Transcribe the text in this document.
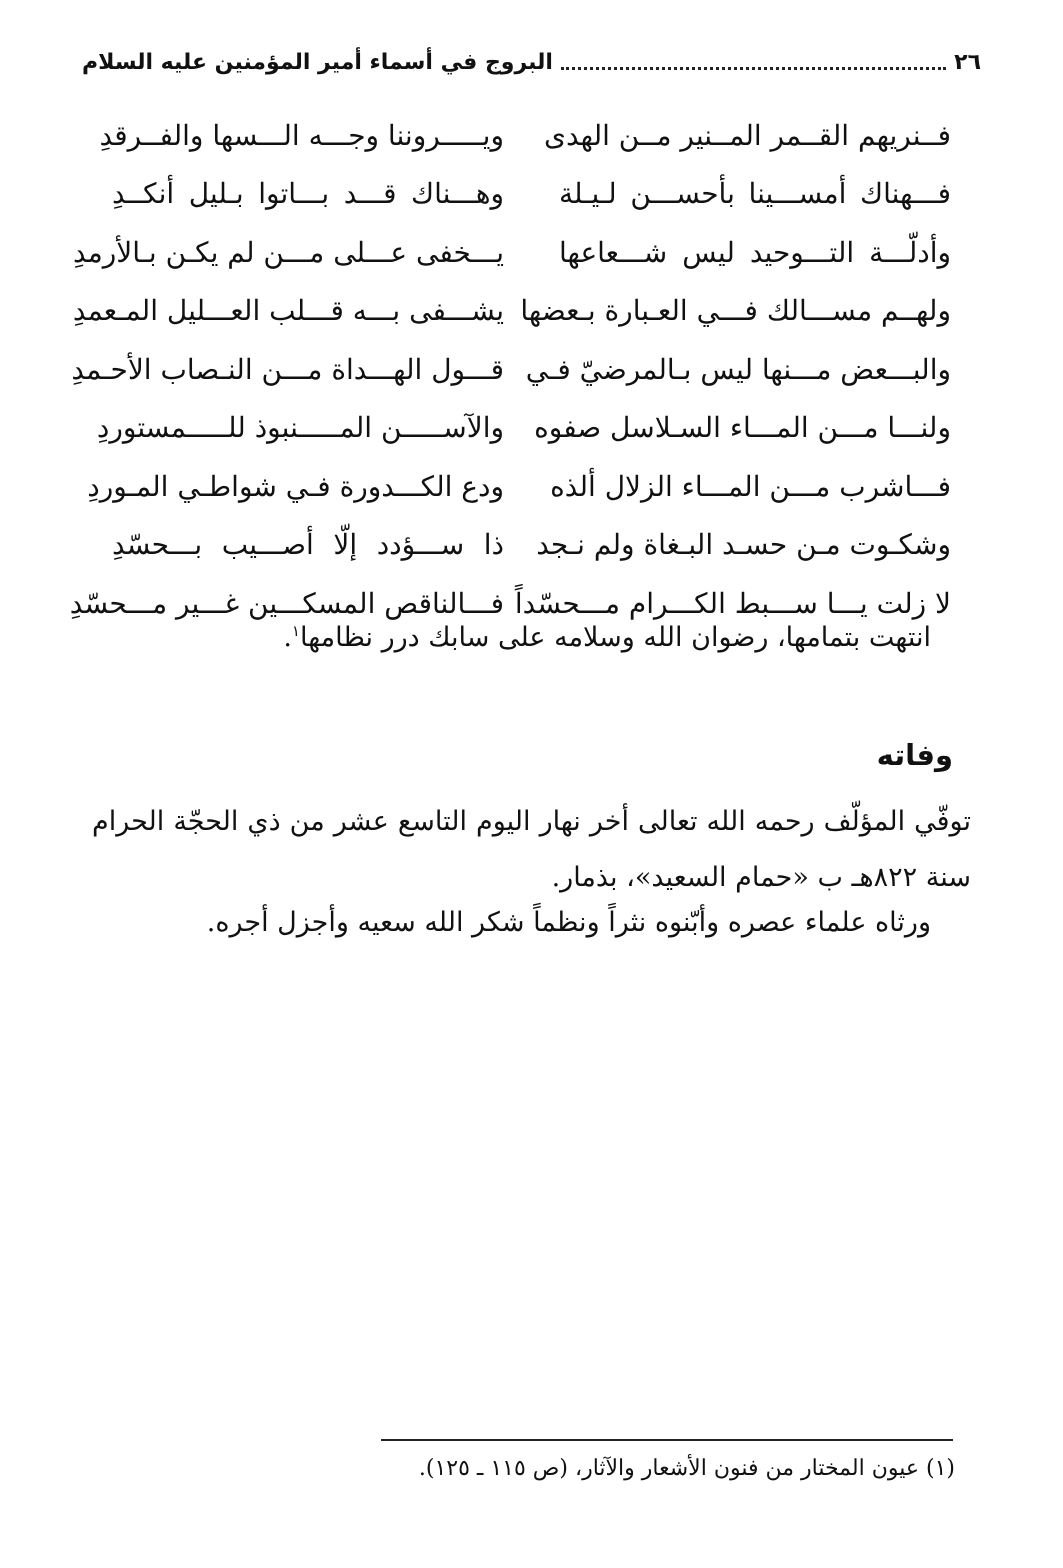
٢٦
البروج في أسماء أمير المؤمنين عليه السلام
فــنريهم القــمر المــنير مــن الهدى
ويـــــروننا وجـــه الـــسها والفــرقدِ
فـــهناك أمســـينا بأحســـن لـيـلة
وهـــناك قـــد بـــاتوا بـليل أنكــدِ
وأدلّـــة التـــوحيد ليس شـــعاعها
يـــخفى عـــلى مـــن لم يكـن بـالأرمدِ
ولهــم مســـالك فـــي العـبارة بـعضها
يشـــفى بـــه قـــلب العـــليل المـعمدِ
والبـــعض مـــنها ليس بـالمرضيّ فـي
قـــول الهـــداة مـــن النـصاب الأحـمدِ
ولنـــا مـــن المـــاء السـلاسل صفوه
والآســـــن المـــــنبوذ للـــــمستوردِ
فـــاشرب مـــن المـــاء الزلال ألذه
ودع الكـــدورة فـي شواطـي المـوردِ
وشكـوت مـن حسـد البـغاة ولم نـجد
ذا ســـؤدد إلّا أصـــيب بـــحسّدِ
لا زلت يـــا ســـبط الكـــرام مـــحسّداً
فـــالناقص المسكـــين غـــير مـــحسّدِ
انتهت بتمامها، رضوان الله وسلامه على سابك درر نظامها$^١$.
وفاته
توفّي المؤلّف رحمه الله تعالى أخر نهار اليوم التاسع عشر من ذي الحجّة الحرام سنة ٨٢٢هـ ب «حمام السعيد»، بذمار.
ورثاه علماء عصره وأبّنوه نثراً ونظماً شكر الله سعيه وأجزل أجره.
(١) عيون المختار من فنون الأشعار والآثار، (ص ١١٥ ـ ١٢٥).
